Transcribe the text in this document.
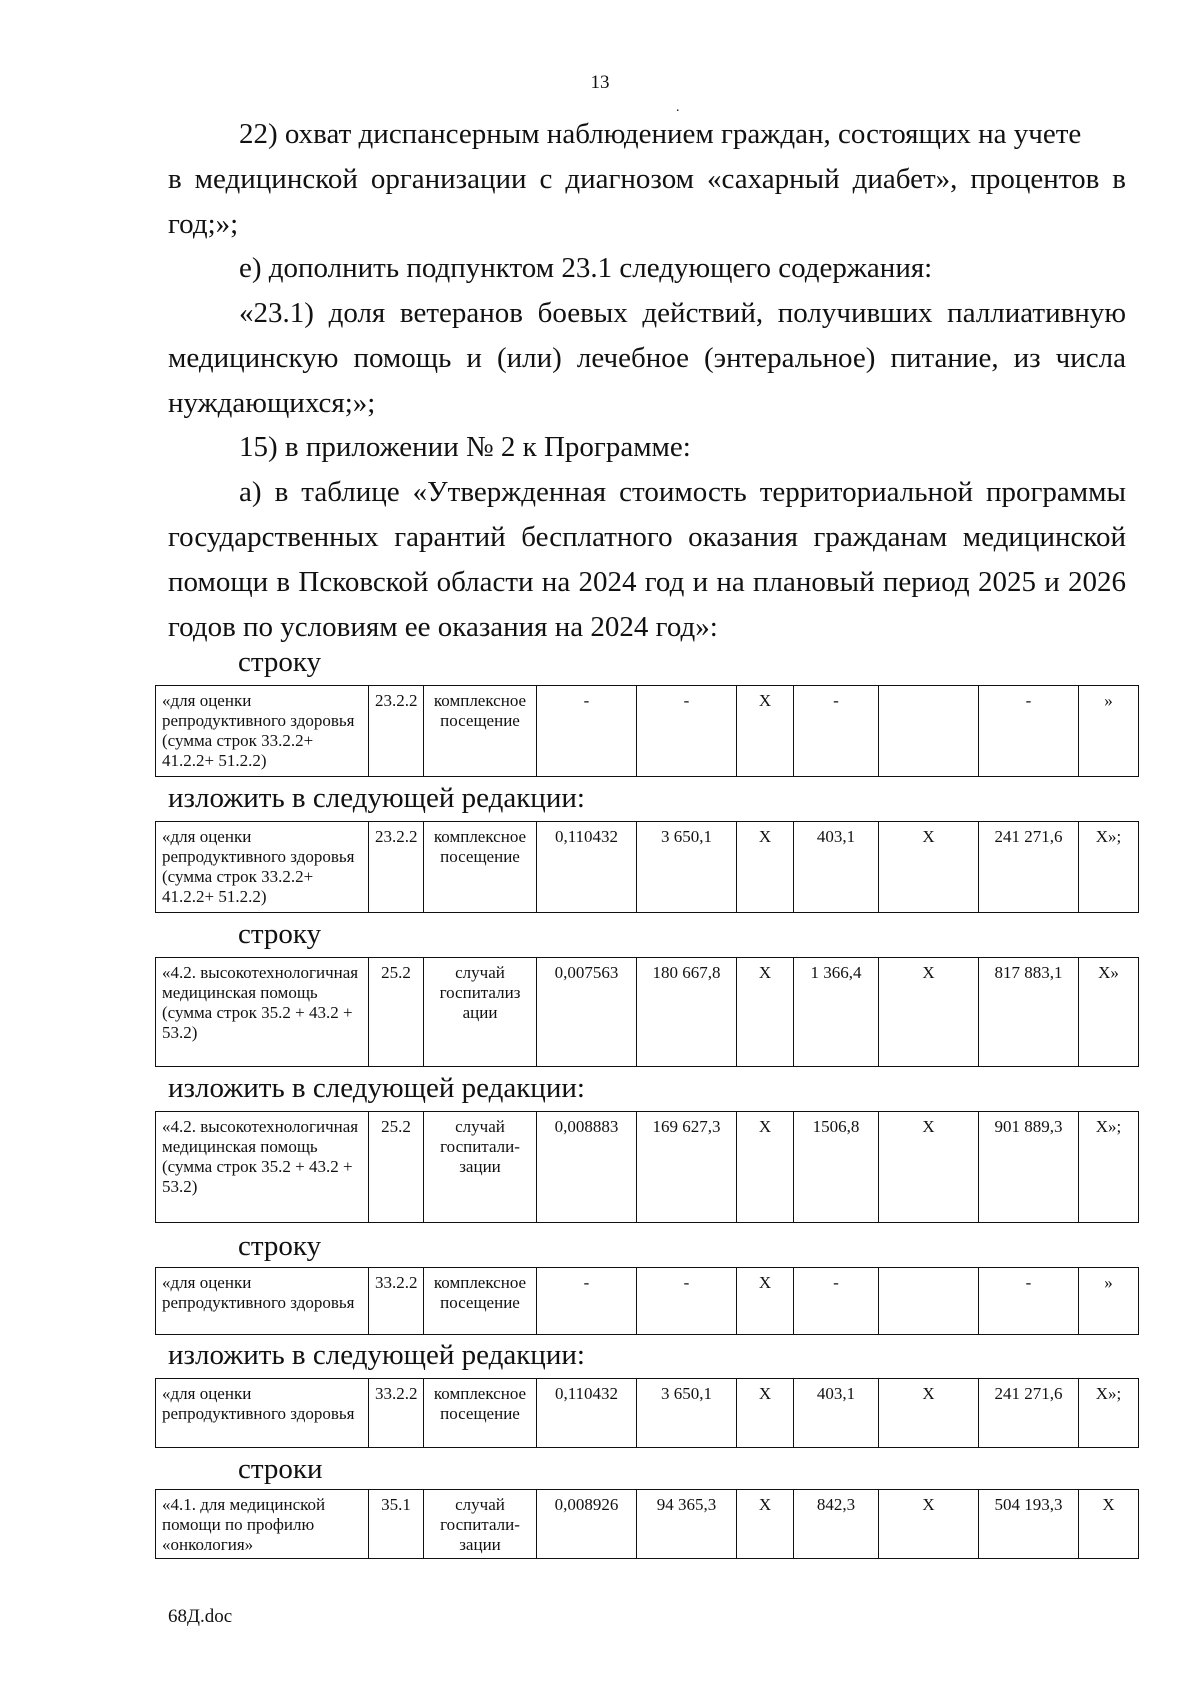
13
.

22) охват диспансерным наблюдением граждан, состоящих на учете

в медицинской организации с диагнозом «сахарный диабет», процентов в год;»;

е) дополнить подпунктом 23.1 следующего содержания:

«23.1) доля ветеранов боевых действий, получивших паллиативную медицинскую помощь и (или) лечебное (энтеральное) питание, из числа нуждающихся;»;

15) в приложении № 2 к Программе:

а) в таблице «Утвержденная стоимость территориальной программы государственных гарантий бесплатного оказания гражданам медицинской помощи в Псковской области на 2024 год и на плановый период 2025 и 2026 годов по условиям ее оказания на 2024 год»:

строку
«для оценки репродуктивного здоровья (сумма строк 33.2.2+ 41.2.2+ 51.2.2)	23.2.2	комплексное посещение	-	-	Х	-		-	»
изложить в следующей редакции:
«для оценки репродуктивного здоровья (сумма строк 33.2.2+ 41.2.2+ 51.2.2)	23.2.2	комплексное посещение	0,110432	3 650,1	Х	403,1	Х	241 271,6	Х»;
строку
«4.2. высокотехнологичная медицинская помощь (сумма строк 35.2 + 43.2 + 53.2)	25.2	случай госпитализ ации	0,007563	180 667,8	Х	1 366,4	Х	817 883,1	Х»
изложить в следующей редакции:
«4.2. высокотехнологичная медицинская помощь (сумма строк 35.2 + 43.2 + 53.2)	25.2	случай госпитали-зации	0,008883	169 627,3	Х	1506,8	Х	901 889,3	Х»;
строку
«для оценки репродуктивного здоровья	33.2.2	комплексное посещение	-	-	Х	-		-	»
изложить в следующей редакции:
«для оценки репродуктивного здоровья	33.2.2	комплексное посещение	0,110432	3 650,1	Х	403,1	Х	241 271,6	Х»;
строки
«4.1. для медицинской помощи по профилю «онкология»	35.1	случай госпитали-зации	0,008926	94 365,3	Х	842,3	Х	504 193,3	Х
68Д.doc
